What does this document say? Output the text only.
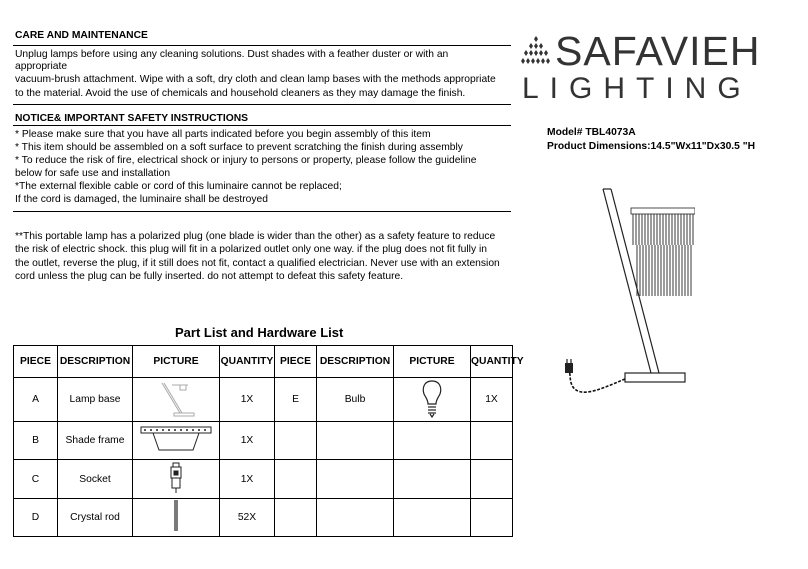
CARE AND MAINTENANCE
Unplug lamps before using any cleaning solutions. Dust shades with a feather duster or with an
appropriate
vacuum-brush attachment. Wipe with a soft, dry cloth and clean lamp bases with the methods appropriate
to the material. Avoid the use of chemicals and household cleaners as they may damage the finish.
NOTICE& IMPORTANT SAFETY INSTRUCTIONS
* Please make sure that you have all parts indicated before you begin assembly of this item
* This item should be assembled on a soft surface to prevent scratching the finish during assembly
* To reduce the risk of fire, electrical shock or injury to persons or property, please follow the guideline
below for safe use and installation
*The external flexible cable or cord of this luminaire cannot be replaced;
If the cord is damaged, the luminaire shall be destroyed
**This portable lamp has a polarized plug (one blade is wider than the other) as a safety feature to reduce
the risk of electric shock. this plug will fit in a polarized outlet only one way. if the plug does not fit fully in
the outlet, reverse the plug, if it still does not fit, contact a qualified electrician. Never use with an extension
cord unless the plug can be fully inserted. do not attempt to defeat this safety feature.
SAFAVIEH
LIGHTING
Model# TBL4073A
Product Dimensions:14.5"Wx11"Dx30.5 "H
Part List and Hardware List
PIECE	DESCRIPTION	PICTURE	QUANTITY	PIECE	DESCRIPTION	PICTURE	QUANTITY
A	Lamp base		1X	E	Bulb		1X
B	Shade frame		1X				
C	Socket		1X				
D	Crystal rod		52X				
